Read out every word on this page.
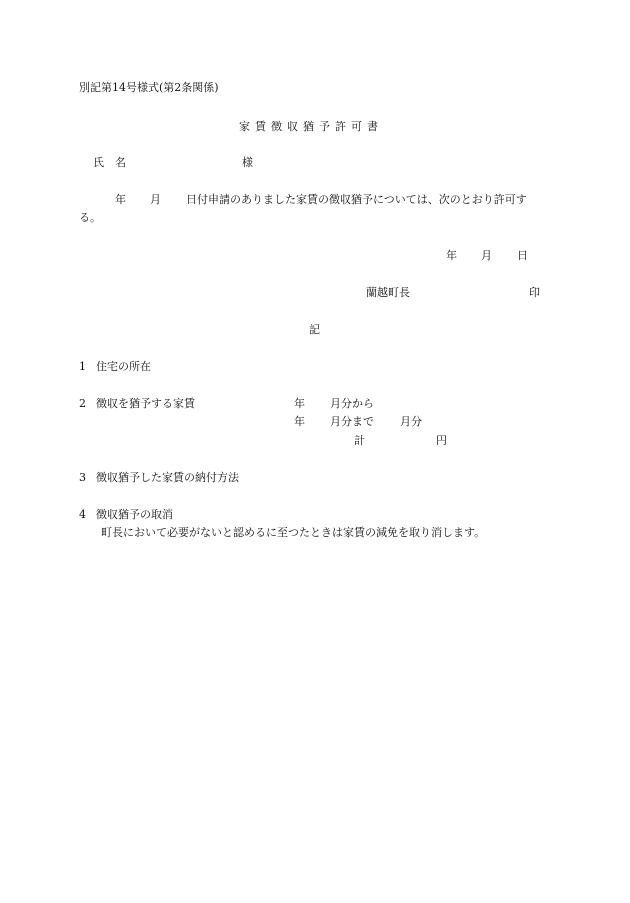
別記第14号様式(第2条関係)
家賃徴収猶予許可書
氏　名	様
年 月 日付申請のありました家賃の徴収猶予については、次のとおり許可す
る。
年 月 日
蘭越町長	印
記
1 住宅の所在
2 徴収を猶予する家賃	年 月分から
年 月分まで 月分
計	円
3 徴収猶予した家賃の納付方法
4 徴収猶予の取消
町長において必要がないと認めるに至つたときは家賃の減免を取り消します。
